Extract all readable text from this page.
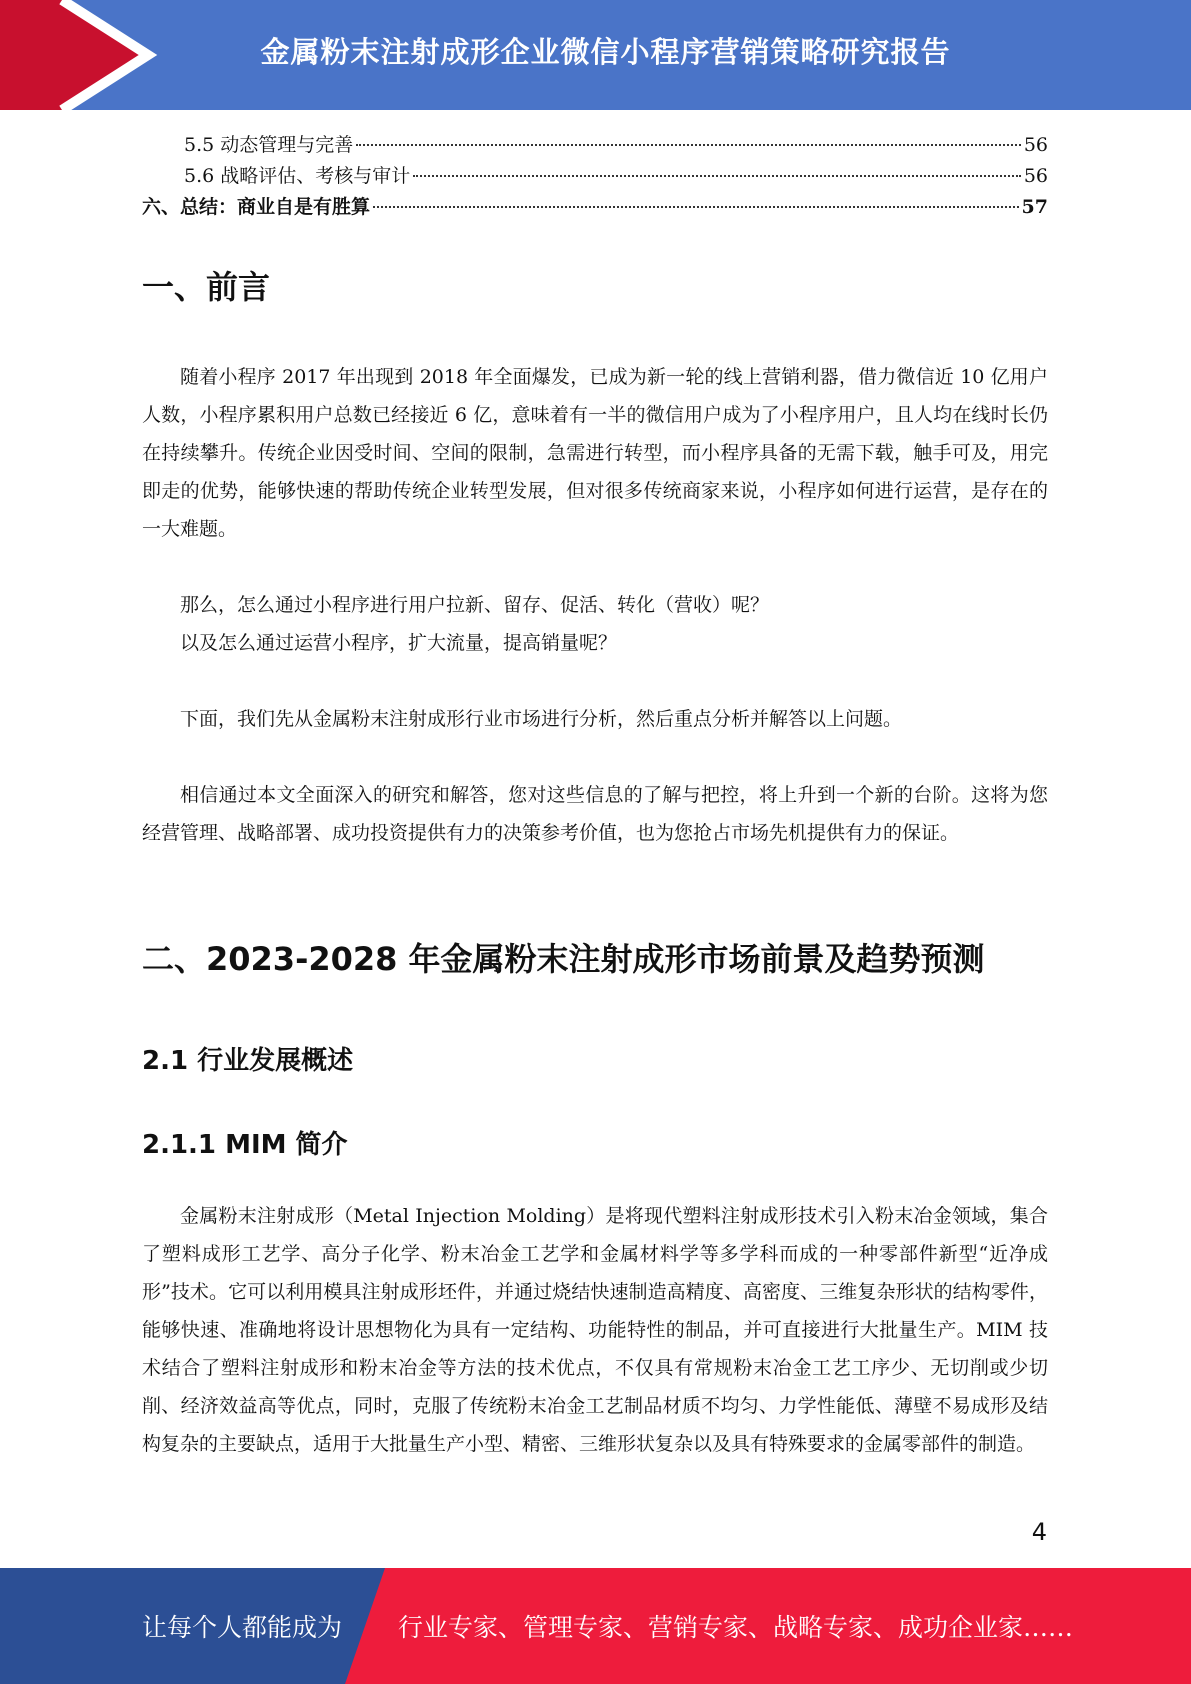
金属粉末注射成形企业微信小程序营销策略研究报告
5.5 动态管理与完善	56
5.6 战略评估、考核与审计	56
六、总结：商业自是有胜算	57
一、前言

随着小程序 2017 年出现到 2018 年全面爆发，已成为新一轮的线上营销利器，借力微信近 10 亿用户人数，小程序累积用户总数已经接近 6 亿，意味着有一半的微信用户成为了小程序用户，且人均在线时长仍在持续攀升。传统企业因受时间、空间的限制，急需进行转型，而小程序具备的无需下载，触手可及，用完即走的优势，能够快速的帮助传统企业转型发展，但对很多传统商家来说，小程序如何进行运营，是存在的一大难题。

那么，怎么通过小程序进行用户拉新、留存、促活、转化（营收）呢？

以及怎么通过运营小程序，扩大流量，提高销量呢？

下面，我们先从金属粉末注射成形行业市场进行分析，然后重点分析并解答以上问题。

相信通过本文全面深入的研究和解答，您对这些信息的了解与把控，将上升到一个新的台阶。这将为您经营管理、战略部署、成功投资提供有力的决策参考价值，也为您抢占市场先机提供有力的保证。

二、2023-2028 年金属粉末注射成形市场前景及趋势预测
2.1 行业发展概述
2.1.1 MIM 简介

金属粉末注射成形（Metal Injection Molding）是将现代塑料注射成形技术引入粉末冶金领域，集合了塑料成形工艺学、高分子化学、粉末冶金工艺学和金属材料学等多学科而成的一种零部件新型“近净成形”技术。它可以利用模具注射成形坯件，并通过烧结快速制造高精度、高密度、三维复杂形状的结构零件，能够快速、准确地将设计思想物化为具有一定结构、功能特性的制品，并可直接进行大批量生产。MIM 技术结合了塑料注射成形和粉末冶金等方法的技术优点，不仅具有常规粉末冶金工艺工序少、无切削或少切削、经济效益高等优点，同时，克服了传统粉末冶金工艺制品材质不均匀、力学性能低、薄壁不易成形及结构复杂的主要缺点，适用于大批量生产小型、精密、三维形状复杂以及具有特殊要求的金属零部件的制造。

4
让每个人都能成为 行业专家、管理专家、营销专家、战略专家、成功企业家……
